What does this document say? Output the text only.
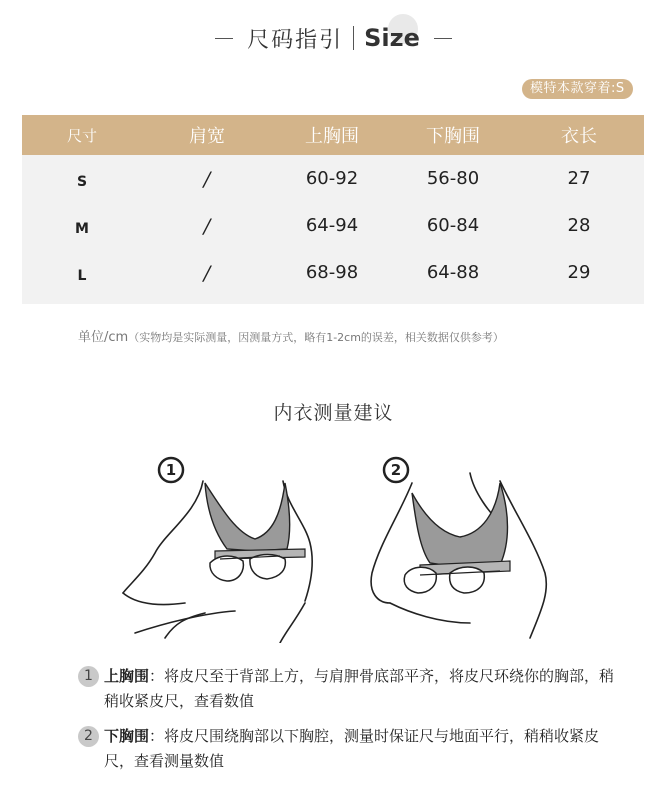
尺码指引 Size
模特本款穿着:S
尺寸	肩宽	上胸围	下胸围	衣长
S	/	60-92	56-80	27
M	/	64-94	60-84	28
L	/	68-98	64-88	29
单位/cm（实物均是实际测量，因测量方式，略有1-2cm的误差，相关数据仅供参考）
内衣测量建议
1	2
1 上胸围：将皮尺至于背部上方，与肩胛骨底部平齐，将皮尺环绕你的胸部，稍稍收紧皮尺，查看数值
2 下胸围：将皮尺围绕胸部以下胸腔，测量时保证尺与地面平行，稍稍收紧皮尺，查看测量数值
